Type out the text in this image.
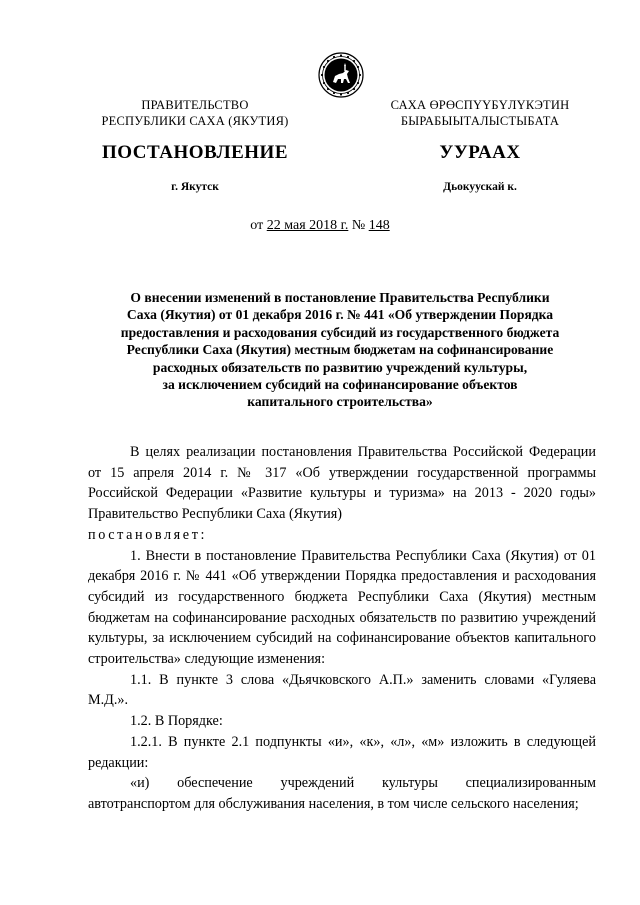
ПРАВИТЕЛЬСТВО
РЕСПУБЛИКИ САХА (ЯКУТИЯ)
САХА ӨРӨСПҮҮБҮЛҮКЭТИН
БЫРАБЫЫТАЛЫСТЫБАТА
ПОСТАНОВЛЕНИЕ	УУРААХ
г. Якутск	Дьокуускай к.
от 22 мая 2018 г. № 148
О внесении изменений в постановление Правительства Республики
Саха (Якутия) от 01 декабря 2016 г. № 441 «Об утверждении Порядка
предоставления и расходования субсидий из государственного бюджета
Республики Саха (Якутия) местным бюджетам на софинансирование
расходных обязательств по развитию учреждений культуры,
за исключением субсидий на софинансирование объектов
капитального строительства»

В целях реализации постановления Правительства Российской Федерации от 15 апреля 2014 г. № 317 «Об утверждении государственной программы Российской Федерации «Развитие культуры и туризма» на 2013 - 2020 годы» Правительство Республики Саха (Якутия)

постановляет:

1. Внести в постановление Правительства Республики Саха (Якутия) от 01 декабря 2016 г. № 441 «Об утверждении Порядка предоставления и расходования субсидий из государственного бюджета Республики Саха (Якутия) местным бюджетам на софинансирование расходных обязательств по развитию учреждений культуры, за исключением субсидий на софинансирование объектов капитального строительства» следующие изменения:

1.1. В пункте 3 слова «Дьячковского А.П.» заменить словами «Гуляева М.Д.».

1.2. В Порядке:

1.2.1. В пункте 2.1 подпункты «и», «к», «л», «м» изложить в следующей редакции:

«и) обеспечение учреждений культуры специализированным автотранспортом для обслуживания населения, в том числе сельского населения;
